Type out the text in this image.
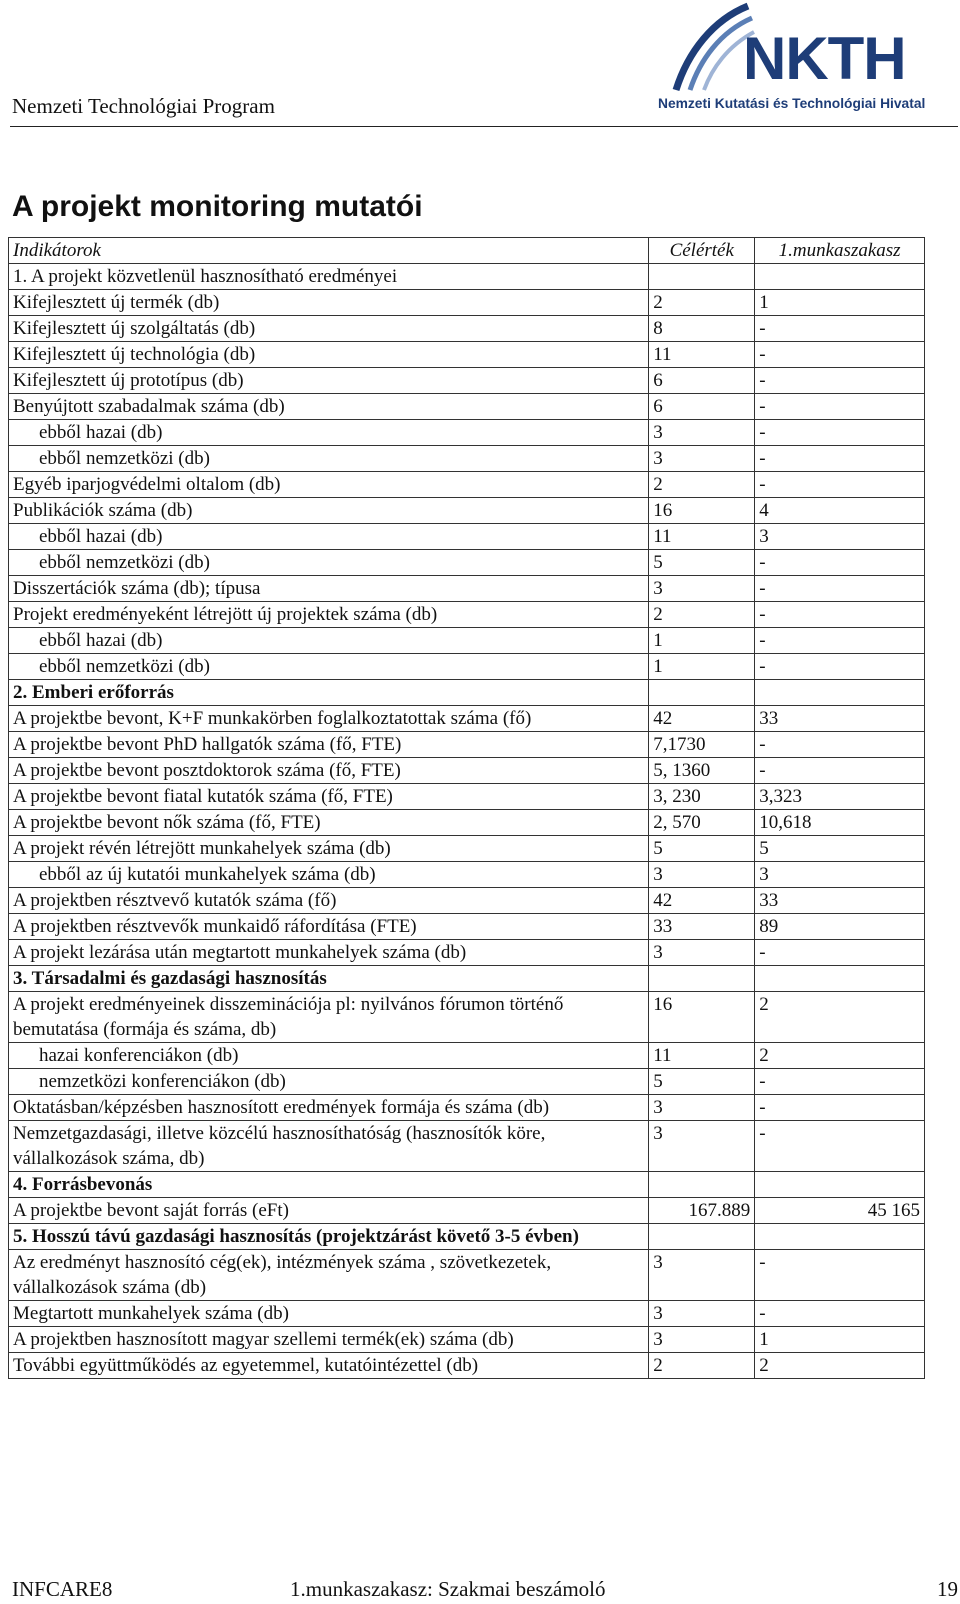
Nemzeti Technológiai Program
NKTH
Nemzeti Kutatási és Technológiai Hivatal
A projekt monitoring mutatói
Indikátorok	Célérték	1.munkaszakasz
1. A projekt közvetlenül hasznosítható eredményei		
Kifejlesztett új termék (db)	2	1
Kifejlesztett új szolgáltatás (db)	8	-
Kifejlesztett új technológia (db)	11	-
Kifejlesztett új prototípus (db)	6	-
Benyújtott szabadalmak száma (db)	6	-
ebből hazai (db)	3	-
ebből nemzetközi (db)	3	-
Egyéb iparjogvédelmi oltalom (db)	2	-
Publikációk száma (db)	16	4
ebből hazai (db)	11	3
ebből nemzetközi (db)	5	-
Disszertációk száma (db); típusa	3	-
Projekt eredményeként létrejött új projektek száma (db)	2	-
ebből hazai (db)	1	-
ebből nemzetközi (db)	1	-
2. Emberi erőforrás		
A projektbe bevont, K+F munkakörben foglalkoztatottak száma (fő)	42	33
A projektbe bevont PhD hallgatók száma (fő, FTE)	7,1730	-
A projektbe bevont posztdoktorok száma (fő, FTE)	5, 1360	-
A projektbe bevont fiatal kutatók száma (fő, FTE)	3, 230	3,323
A projektbe bevont nők száma (fő, FTE)	2, 570	10,618
A projekt révén létrejött munkahelyek száma (db)	5	5
ebből az új kutatói munkahelyek száma (db)	3	3
A projektben résztvevő kutatók száma (fő)	42	33
A projektben résztvevők munkaidő ráfordítása (FTE)	33	89
A projekt lezárása után megtartott munkahelyek száma (db)	3	-
3. Társadalmi és gazdasági hasznosítás		
A projekt eredményeinek disszeminációja pl: nyilvános fórumon történő bemutatása (formája és száma, db)	16	2
hazai konferenciákon (db)	11	2
nemzetközi konferenciákon (db)	5	-
Oktatásban/képzésben hasznosított eredmények formája és száma (db)	3	-
Nemzetgazdasági, illetve közcélú hasznosíthatóság (hasznosítók köre, vállalkozások száma, db)	3	-
4. Forrásbevonás		
A projektbe bevont saját forrás (eFt)	167.889	45 165
5. Hosszú távú gazdasági hasznosítás (projektzárást követő 3-5 évben)		
Az eredményt hasznosító cég(ek), intézmények száma , szövetkezetek, vállalkozások száma (db)	3	-
Megtartott munkahelyek száma (db)	3	-
A projektben hasznosított magyar szellemi termék(ek) száma (db)	3	1
További együttműködés az egyetemmel, kutatóintézettel (db)	2	2
INFCARE8	1.munkaszakasz: Szakmai beszámoló	19
